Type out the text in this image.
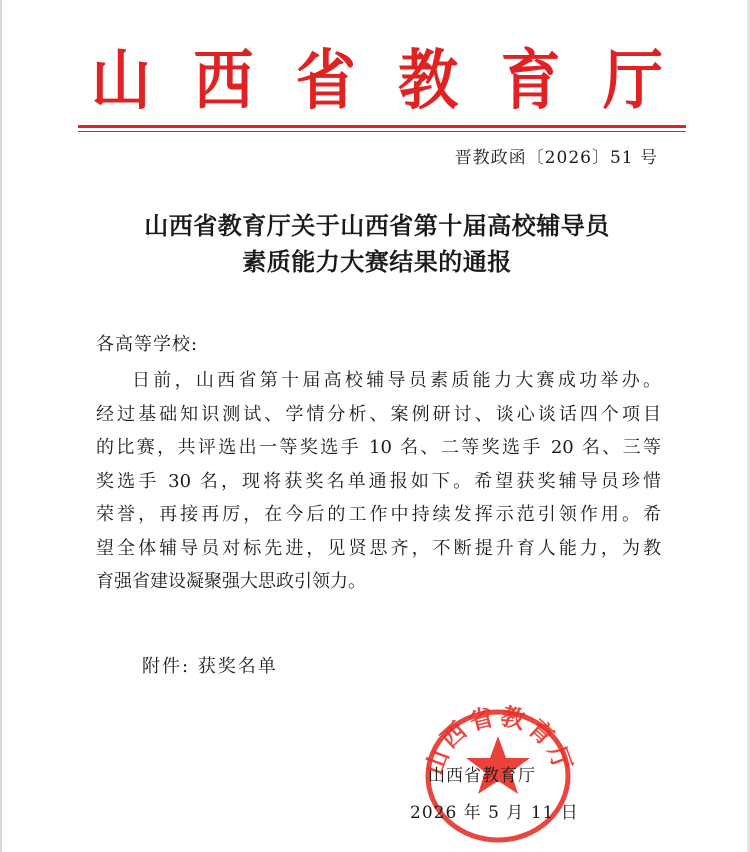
山 西 省 教 育 厅
晋教政函〔2026〕51 号
山西省教育厅关于山西省第十届高校辅导员
素质能力大赛结果的通报
各高等学校:
日前，山西省第十届高校辅导员素质能力大赛成功举办。
经过基础知识测试、学情分析、案例研讨、谈心谈话四个项目
的比赛，共评选出一等奖选手 10 名、二等奖选手 20 名、三等
奖选手 30 名，现将获奖名单通报如下。希望获奖辅导员珍惜
荣誉，再接再厉，在今后的工作中持续发挥示范引领作用。希
望全体辅导员对标先进，见贤思齐，不断提升育人能力，为教
育强省建设凝聚强大思政引领力。
附件: 获奖名单
山西省教育厅
山西省教育厅
2026 年 5 月 11 日
